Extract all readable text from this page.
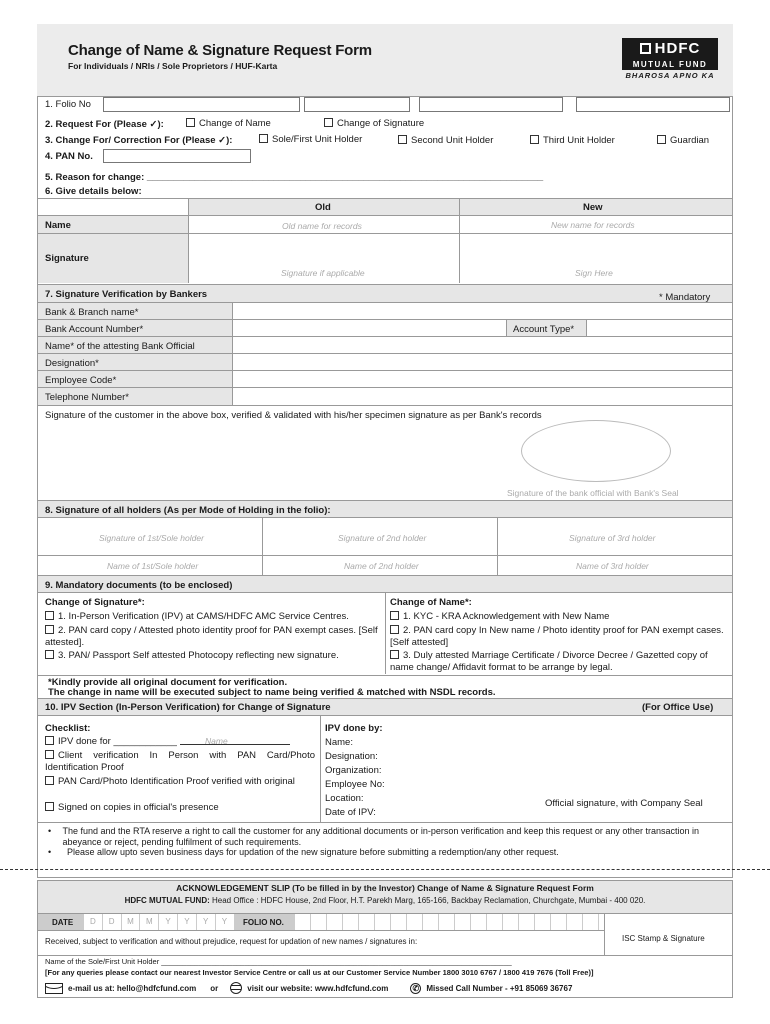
Change of Name & Signature Request Form
For Individuals / NRIs / Sole Proprietors / HUF-Karta
HDFC
MUTUAL FUND
BHAROSA APNO KA
1. Folio No
2. Request For (Please ✓):	Change of Name	Change of Signature
3. Change For/ Correction For (Please ✓):	Sole/First Unit Holder	Second Unit Holder	Third Unit Holder	Guardian
4. PAN No.
5. Reason for change: ___________________________________________________________________________
6. Give details below:
Old	New
Name	Old name for records	New name for records
Signature
Signature if applicable	Sign Here
7. Signature Verification by Bankers	* Mandatory
Bank & Branch name*
Bank Account Number*	Account Type*
Name* of the attesting Bank Official
Designation*
Employee Code*
Telephone Number*
Signature of the customer in the above box, verified & validated with his/her specimen signature as per Bank's records
Signature of the bank official with Bank's Seal
8. Signature of all holders (As per Mode of Holding in the folio):
Signature of 1st/Sole holder	Signature of 2nd holder	Signature of 3rd holder
Name of 1st/Sole holder	Name of 2nd holder	Name of 3rd holder
9. Mandatory documents (to be enclosed)
Change of Signature*:
1. In-Person Verification (IPV) at CAMS/HDFC AMC Service Centres.
2. PAN card copy / Attested photo identity proof for PAN exempt cases. [Self attested].
3. PAN/ Passport Self attested Photocopy reflecting new signature.
Change of Name*:
1. KYC - KRA Acknowledgement with New Name
2. PAN card copy In New name / Photo identity proof for PAN exempt cases. [Self attested]
3. Duly attested Marriage Certificate / Divorce Decree / Gazetted copy of name change/ Affidavit format to be arrange by legal.
*Kindly provide all original document for verification.
The change in name will be executed subject to name being verified & matched with NSDL records.
10. IPV Section (In-Person Verification) for Change of Signature	(For Office Use)
Checklist:
IPV done for ____________	Name
Client verification In Person with PAN Card/Photo Identification Proof
PAN Card/Photo Identification Proof verified with original
Signed on copies in official's presence
IPV done by:
Name:
Designation:
Organization:
Employee No:
Location:
Date of IPV:
Official signature, with Company Seal
•	The fund and the RTA reserve a right to call the customer for any additional documents or in-person verification and keep this request or any other transaction in abeyance or reject, pending fulfilment of such requirements.
•	Please allow upto seven business days for updation of the new signature before submitting a redemption/any other request.
ACKNOWLEDGEMENT SLIP (To be filled in by the Investor) Change of Name & Signature Request Form
HDFC MUTUAL FUND: Head Office : HDFC House, 2nd Floor, H.T. Parekh Marg, 165-166, Backbay Reclamation, Churchgate, Mumbai - 400 020.
DATE	D	D	M	M	Y	Y	Y	Y	FOLIO NO.
ISC Stamp & Signature
Received, subject to verification and without prejudice, request for updation of new names / signatures in:
Name of the Sole/First Unit Holder ____________________________________________________________________________________
[For any queries please contact our nearest Investor Service Centre or call us at our Customer Service Number 1800 3010 6767 / 1800 419 7676 (Toll Free)]
e-mail us at: hello@hdfcfund.com or	visit our website: www.hdfcfund.com	✆ Missed Call Number - +91 85069 36767
